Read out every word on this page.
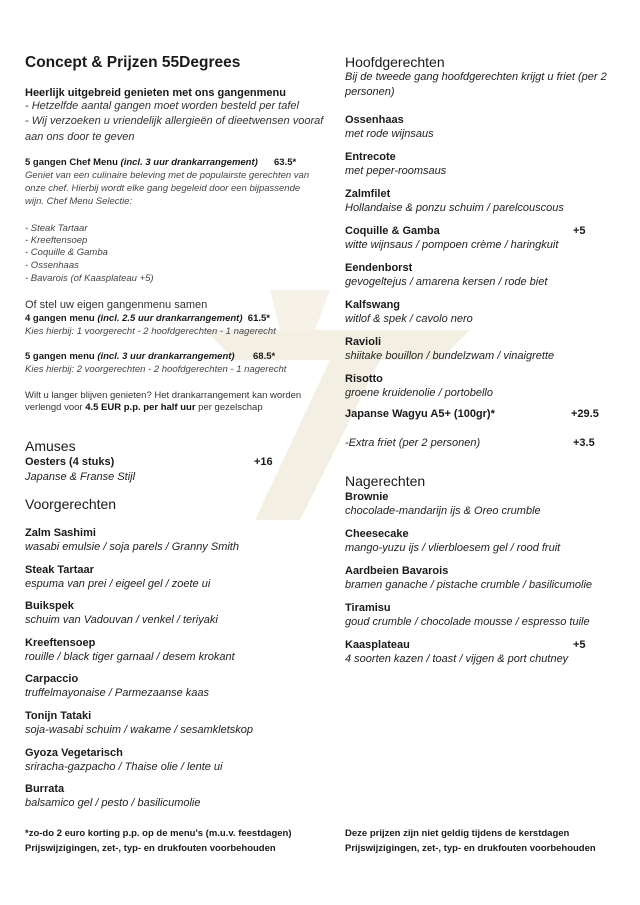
Concept & Prijzen 55Degrees
Heerlijk uitgebreid genieten met ons gangenmenu
- Hetzelfde aantal gangen moet worden besteld per tafel
- Wij verzoeken u vriendelijk allergieën of dieetwensen vooraf
aan ons door te geven
5 gangen Chef Menu (incl. 3 uur drankarrangement) 63.5*
Geniet van een culinaire beleving met de populairste gerechten van
onze chef. Hierbij wordt elke gang begeleid door een bijpassende
wijn. Chef Menu Selectie:
- Steak Tartaar
- Kreeftensoep
- Coquille & Gamba
- Ossenhaas
- Bavarois (of Kaasplateau +5)
Of stel uw eigen gangenmenu samen
4 gangen menu (incl. 2.5 uur drankarrangement) 61.5*
Kies hierbij: 1 voorgerecht - 2 hoofdgerechten - 1 nagerecht
5 gangen menu (incl. 3 uur drankarrangement) 68.5*
Kies hierbij: 2 voorgerechten - 2 hoofdgerechten - 1 nagerecht
Wilt u langer blijven genieten? Het drankarrangement kan worden
verlengd voor 4.5 EUR p.p. per half uur per gezelschap
Amuses
Oesters (4 stuks)	+16
Japanse & Franse Stijl
Voorgerechten
Zalm Sashimi
wasabi emulsie / soja parels / Granny Smith
Steak Tartaar
espuma van prei / eigeel gel / zoete ui
Buikspek
schuim van Vadouvan / venkel / teriyaki
Kreeftensoep
rouille / black tiger garnaal / desem krokant
Carpaccio
truffelmayonaise / Parmezaanse kaas
Tonijn Tataki
soja-wasabi schuim / wakame / sesamkletskop
Gyoza Vegetarisch
sriracha-gazpacho / Thaise olie / lente ui
Burrata
balsamico gel / pesto / basilicumolie
Hoofdgerechten
Bij de tweede gang hoofdgerechten krijgt u friet (per 2
personen)
Ossenhaas
met rode wijnsaus
Entrecote
met peper-roomsaus
Zalmfilet
Hollandaise & ponzu schuim / parelcouscous
Coquille & Gamba
witte wijnsaus / pompoen crème / haringkuit
+5
Eendenborst
gevogeltejus / amarena kersen / rode biet
Kalfswang
witlof & spek / cavolo nero
Ravioli
shiitake bouillon / bundelzwam / vinaigrette
Risotto
groene kruidenolie / portobello
Japanse Wagyu A5+ (100gr)*	+29.5
-Extra friet (per 2 personen)	+3.5
Nagerechten
Brownie
chocolade-mandarijn ijs & Oreo crumble
Cheesecake
mango-yuzu ijs / vlierbloesem gel / rood fruit
Aardbeien Bavarois
bramen ganache / pistache crumble / basilicumolie
Tiramisu
goud crumble / chocolade mousse / espresso tuile
Kaasplateau
4 soorten kazen / toast / vijgen & port chutney
+5
*zo-do 2 euro korting p.p. op de menu's (m.u.v. feestdagen)
Prijswijzigingen, zet-, typ- en drukfouten voorbehouden
Deze prijzen zijn niet geldig tijdens de kerstdagen
Prijswijzigingen, zet-, typ- en drukfouten voorbehouden
